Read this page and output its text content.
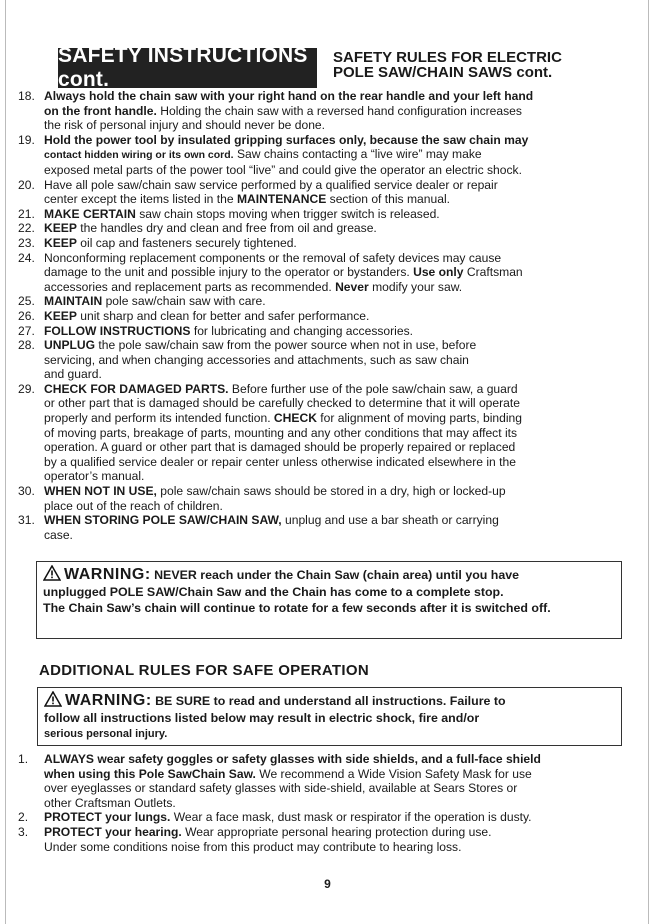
SAFETY INSTRUCTIONS cont.
SAFETY RULES FOR ELECTRIC
POLE SAW/CHAIN SAWS cont.
18. Always hold the chain saw with your right hand on the rear handle and your left hand
on the front handle. Holding the chain saw with a reversed hand configuration increases
the risk of personal injury and should never be done.
19. Hold the power tool by insulated gripping surfaces only, because the saw chain may
contact hidden wiring or its own cord. Saw chains contacting a “live wire” may make
exposed metal parts of the power tool “live” and could give the operator an electric shock.
20. Have all pole saw/chain saw service performed by a qualified service dealer or repair
center except the items listed in the MAINTENANCE section of this manual.
21. MAKE CERTAIN saw chain stops moving when trigger switch is released.
22. KEEP the handles dry and clean and free from oil and grease.
23. KEEP oil cap and fasteners securely tightened.
24. Nonconforming replacement components or the removal of safety devices may cause
damage to the unit and possible injury to the operator or bystanders. Use only Craftsman
accessories and replacement parts as recommended. Never modify your saw.
25. MAINTAIN pole saw/chain saw with care.
26. KEEP unit sharp and clean for better and safer performance.
27. FOLLOW INSTRUCTIONS for lubricating and changing accessories.
28. UNPLUG the pole saw/chain saw from the power source when not in use, before
servicing, and when changing accessories and attachments, such as saw chain
and guard.
29. CHECK FOR DAMAGED PARTS. Before further use of the pole saw/chain saw, a guard
or other part that is damaged should be carefully checked to determine that it will operate
properly and perform its intended function. CHECK for alignment of moving parts, binding
of moving parts, breakage of parts, mounting and any other conditions that may affect its
operation. A guard or other part that is damaged should be properly repaired or replaced
by a qualified service dealer or repair center unless otherwise indicated elsewhere in the
operator’s manual.
30. WHEN NOT IN USE, pole saw/chain saws should be stored in a dry, high or locked-up
place out of the reach of children.
31. WHEN STORING POLE SAW/CHAIN SAW, unplug and use a bar sheath or carrying
case.
WARNING: NEVER reach under the Chain Saw (chain area) until you have
unplugged POLE SAW/Chain Saw and the Chain has come to a complete stop.
The Chain Saw’s chain will continue to rotate for a few seconds after it is switched off.
ADDITIONAL RULES FOR SAFE OPERATION
WARNING: BE SURE to read and understand all instructions. Failure to
follow all instructions listed below may result in electric shock, fire and/or
serious personal injury.
1.	ALWAYS wear safety goggles or safety glasses with side shields, and a full-face shield
when using this Pole SawChain Saw. We recommend a Wide Vision Safety Mask for use
over eyeglasses or standard safety glasses with side-shield, available at Sears Stores or
other Craftsman Outlets.
2.	PROTECT your lungs. Wear a face mask, dust mask or respirator if the operation is dusty.
3.	PROTECT your hearing. Wear appropriate personal hearing protection during use.
Under some conditions noise from this product may contribute to hearing loss.
9
